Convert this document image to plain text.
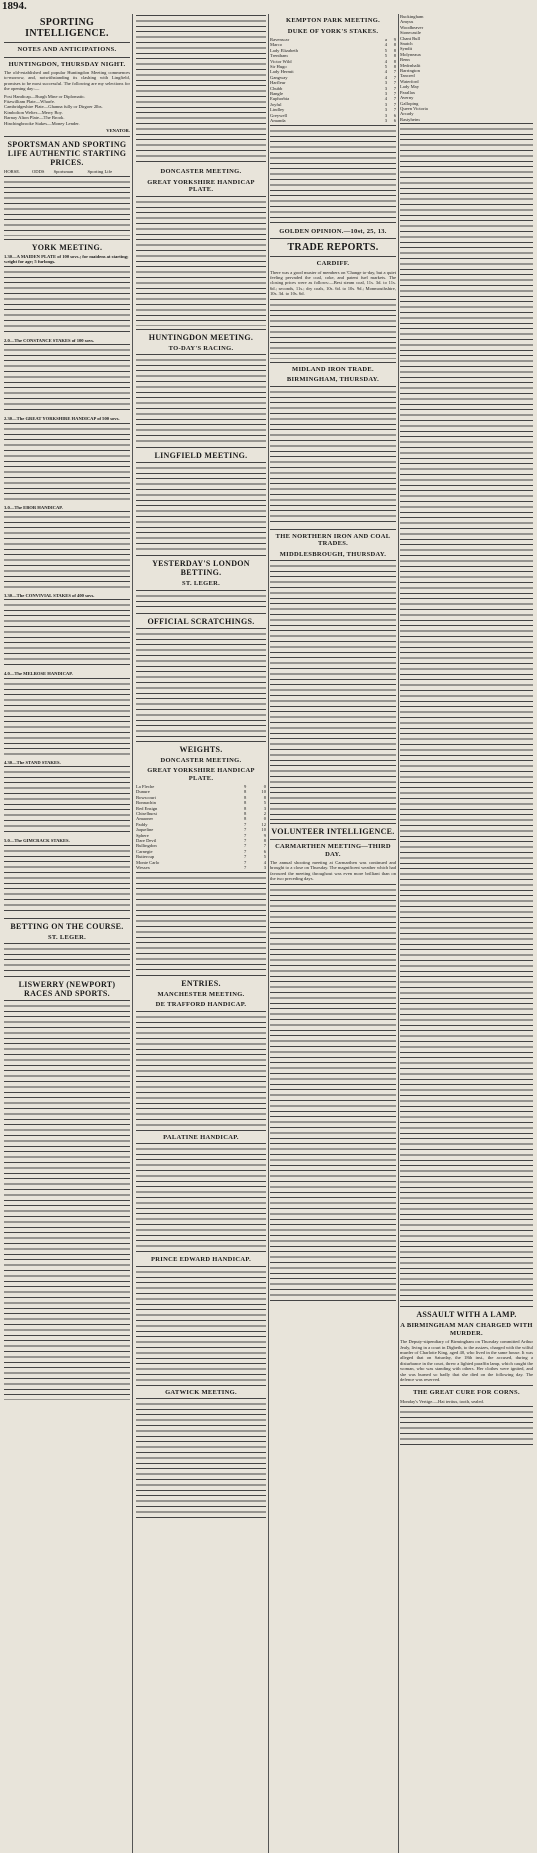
1894.
SPORTING INTELLIGENCE.
NOTES AND ANTICIPATIONS.
HUNTINGDON, THURSDAY NIGHT.

The old-established and popular Huntingdon Meeting commences to-morrow, and, notwithstanding its clashing with Lingfield, promises to be most successful. The following are my selections for the opening day:—

Post Handicap—Burgh Mine or Diplomatic.
Fitzwilliam Plate—Wharfe.
Cambridgeshire Plate—Ghanna fully or Dirgoer 2lbs.
Kimbolton Welter—Merry Boy.
Barnay Alton Plate—The Brook.
Hinchingbrooke Stakes—Money Lender.
VENATOR.
SPORTSMAN AND SPORTING LIFE AUTHENTIC STARTING PRICES.
HORSE.	ODDS	Sportsman	Sporting Life
YORK MEETING.
1.30—A MAIDEN PLATE of 100 sovs.; for maidens at starting; weight for age; 5 furlongs.
2.0—The CONSTANCE STAKES of 100 sovs.
2.30—The GREAT YORKSHIRE HANDICAP of 500 sovs.
3.0—The EBOR HANDICAP.
3.30—The CONVIVIAL STAKES of 400 sovs.
4.0—The MELROSE HANDICAP.
4.30—The STAND STAKES.
5.0—The GIMCRACK STAKES.
BETTING ON THE COURSE.
ST. LEGER.
LISWERRY (NEWPORT) RACES AND SPORTS.
DONCASTER MEETING.
GREAT YORKSHIRE HANDICAP PLATE.
HUNTINGDON MEETING.
TO-DAY'S RACING.
LINGFIELD MEETING.
YESTERDAY'S LONDON BETTING.
ST. LEGER.
OFFICIAL SCRATCHINGS.
WEIGHTS.
DONCASTER MEETING.
GREAT YORKSHIRE HANDICAP PLATE.
La Fleche	9	0
Dunure	8	10
Bowscourt	8	8
Bonnachin	8	5
Red Ensign	8	3
Chiselhurst	8	2
Amaoner	8	0
Paddy	7	12
Jaqueline	7	10
Sphere	7	9
Dare Devil	7	8
Bullingdon	7	7
Carnegie	7	6
Buttercup	7	5
Monte Carlo	7	4
Wessex	7	3
ENTRIES.
MANCHESTER MEETING.
DE TRAFFORD HANDICAP.
PALATINE HANDICAP.
PRINCE EDWARD HANDICAP.
GATWICK MEETING.
KEMPTON PARK MEETING.
DUKE OF YORK'S STAKES.
Ravenscar	a	9
Marco	4	8
Lady Elizabeth	5	8
Trentham	5	8
Victor Wild	4	8
Sir Hugo	5	8
Lady Hermit	4	7
Gangway	4	7
Harfleur	3	7
Chubb	3	7
Bangle	3	7
Euphorbia	4	7
Joyful	3	7
Lindley	3	7
Greywell	3	6
Amanda	3	6
GOLDEN OPINION.—10st, 25, 13.
TRADE REPORTS.
CARDIFF.

There was a good muster of members on 'Change to-day, but a quiet feeling pervaded the coal, coke, and patent fuel markets. The closing prices were as follows:—Best steam coal, 11s. 3d. to 11s. 6d.; seconds, 11s.; dry coals, 10s. 6d. to 10s. 9d.; Monmouthshire, 10s. 3d. to 10s. 6d.

MIDLAND IRON TRADE.
BIRMINGHAM, THURSDAY.
THE NORTHERN IRON AND COAL TRADES.
MIDDLESBROUGH, THURSDAY.
VOLUNTEER INTELLIGENCE.
CARMARTHEN MEETING—THIRD DAY.

The annual shooting meeting at Carmarthen was continued and brought to a close on Thursday. The magnificent weather which had favoured the meeting throughout was even more brilliant than on the two preceding days.

Buckingham
Amyus
Woodbeaver
Stonecastle
Chant Bull
Snatch
Syndit
Molyneaux
Benn
Medrnhalit
Barrington
Tancred
Waterford
Lady May
Parallax
Averny
Galloping
Queen Victoria
Arcady
Rastyheim
ASSAULT WITH A LAMP.
A BIRMINGHAM MAN CHARGED WITH MURDER.

The Deputy-stipendiary of Birmingham on Thursday committed Arthur Jealy, living in a court in Digbeth, to the assizes, charged with the wilful murder of Charlotte King, aged 40, who lived in the same house. It was alleged that on Saturday, the 18th inst., the accused, during a disturbance in the court, threw a lighted paraffin lamp, which caught the woman, who was standing with others. Her clothes were ignited, and she was burned so badly that she died on the following day. The defence was reserved.

THE GREAT CURE FOR CORNS.

Monday's Vertige.—Hai tertius, tooth, sealed.
